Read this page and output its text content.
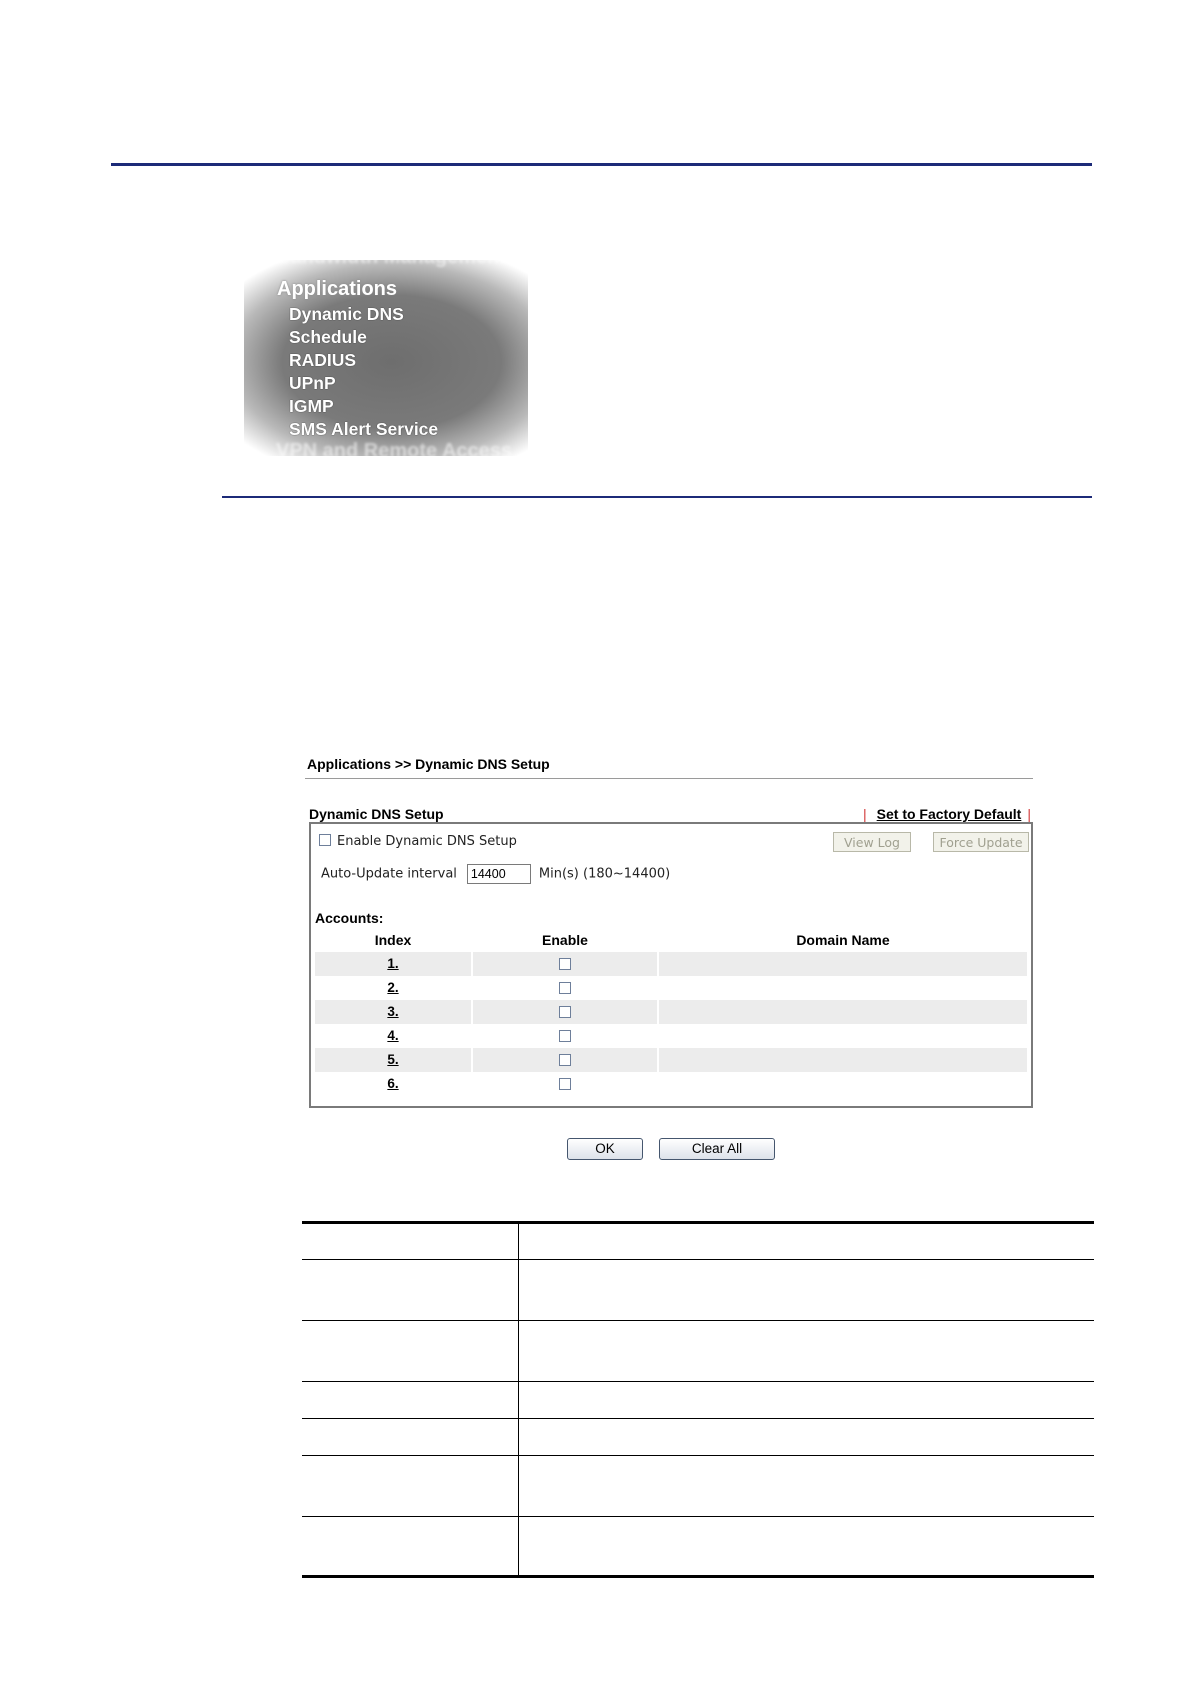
Bandwidth Management
Applications
Dynamic DNS
Schedule
RADIUS
UPnP
IGMP
SMS Alert Service
VPN and Remote Access
Applications >> Dynamic DNS Setup
Dynamic DNS Setup	| Set to Factory Default |
Enable Dynamic DNS Setup	View Log	Force Update
Auto-Update interval14400	Min(s) (180~14400)
Accounts:
Index	Enable	Domain Name
1.
2.
3.
4.
5.
6.
OK	Clear All
